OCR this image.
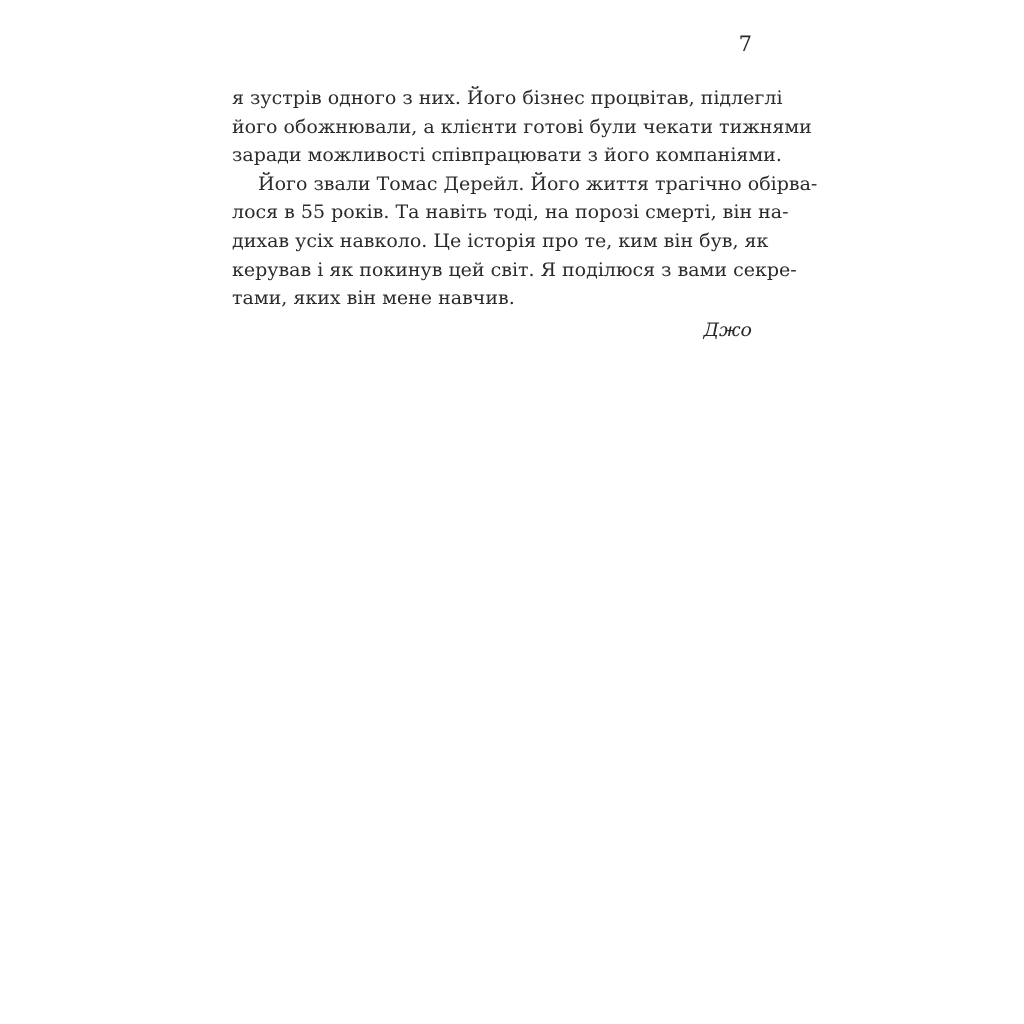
7
я зустрів одного з них. Його бізнес процвітав, підлеглі
його обожнювали, а клієнти готові були чекати тижнями
заради можливості співпрацювати з його компаніями.
Його звали Томас Дерейл. Його життя трагічно обірва-
лося в 55 років. Та навіть тоді, на порозі смерті, він на-
дихав усіх навколо. Це історія про те, ким він був, як
керував і як покинув цей світ. Я поділюся з вами секре-
тами, яких він мене навчив.
Джо
